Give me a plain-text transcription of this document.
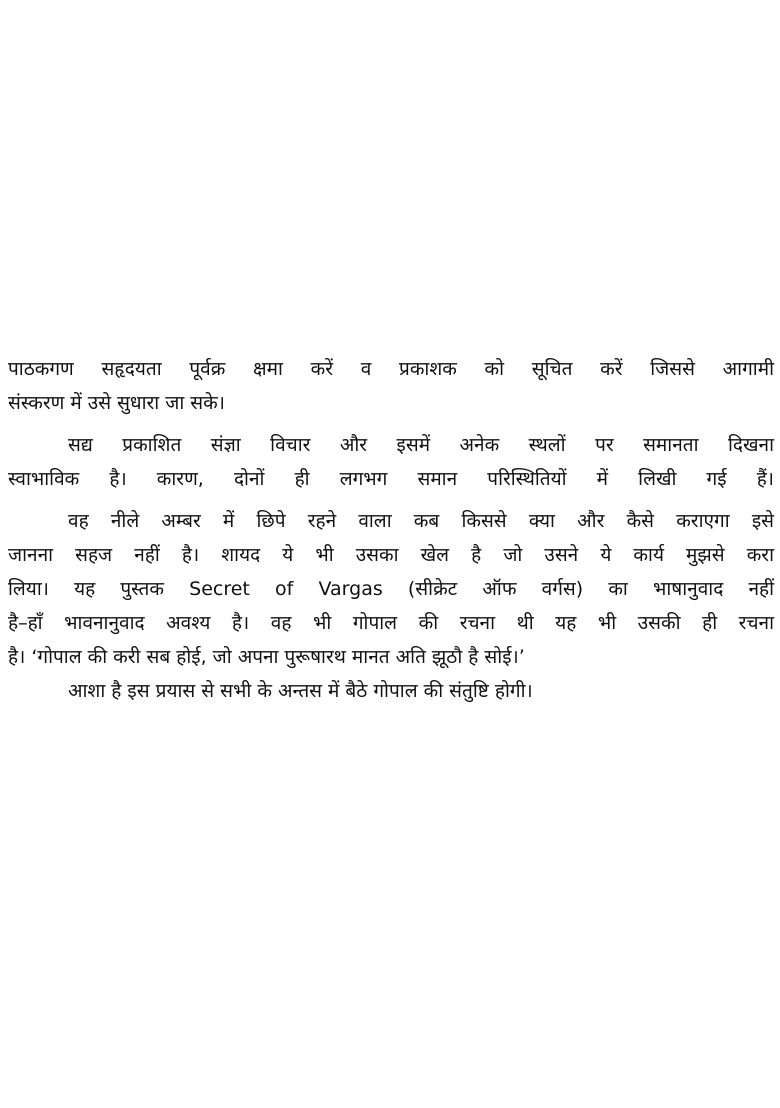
पाठकगण सहृदयता पूर्वक्र क्षमा करें व प्रकाशक को सूचित करें जिससे आगामी
संस्करण में उसे सुधारा जा सके।
सद्य प्रकाशित संज्ञा विचार और इसमें अनेक स्थलों पर समानता दिखना
स्वाभाविक है। कारण, दोनों ही लगभग समान परिस्थितियों में लिखी गई हैं।
वह नीले अम्बर में छिपे रहने वाला कब किससे क्या और कैसे कराएगा इसे
जानना सहज नहीं है। शायद ये भी उसका खेल है जो उसने ये कार्य मुझसे करा
लिया। यह पुस्तक Secret of Vargas (सीक्रेट ऑफ वर्गस) का भाषानुवाद नहीं
है–हाँ भावनानुवाद अवश्य है। वह भी गोपाल की रचना थी यह भी उसकी ही रचना
है। ‘गोपाल की करी सब होई, जो अपना पुरूषारथ मानत अति झूठौ है सोई।’
आशा है इस प्रयास से सभी के अन्तस में बैठे गोपाल की संतुष्टि होगी।
